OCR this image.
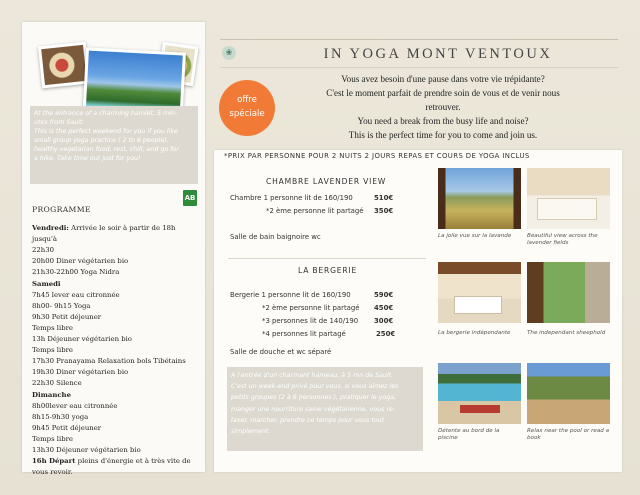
At the entrance of a charming hamlet, 5 min-

utes from Sault.

This is the perfect weekend for you if you like

small group yoga practice ( 2 to 6 people),

healthy vegetarian food, rest, chill, and go for

a hike. Take time out just for you!

AB
PROGRAMME
Vendredi: Arrivée le soir à partir de 18h jusqu'à
22h30
20h00 Diner végétarien bio
21h30-22h00 Yoga Nidra
Samedi
7h45 lever eau citronnée
8h00- 9h15 Yoga
9h30 Petit déjeuner
Temps libre
13h Déjeuner végétarien bio
Temps libre
17h30 Pranayama Relaxation bols Tibétains
19h30 Diner végétarien bio
22h30 Silence
Dimanche
8h00lever eau citronnée
8h15-9h30 yoga
9h45 Petit déjeuner
Temps libre
13h30 Déjeuner végétarien bio
16h Départ pleins d'énergie et à très vite de
vous revoir.
❀	IN YOGA MONT VENTOUX
offre
spéciale
Vous avez besoin d'une pause dans votre vie trépidante?
C'est le moment parfait de prendre soin de vous et de venir nous
retrouver.
You need a break from the busy life and noise?
This is the perfect time for you to come and join us.
*PRIX PAR PERSONNE POUR 2 NUITS 2 JOURS REPAS ET COURS DE YOGA INCLUS
CHAMBRE LAVENDER VIEW
Chambre 1 personne lit de 160/190	510€
*2 ème personne lit partagé 350€
Salle de bain baignoire wc
LA BERGERIE
Bergerie 1 personne lit de 160/190	590€
*2 ème personne lit partagé 450€
*3 personnes lit de 140/190 300€
*4 personnes lit partagé	250€
Salle de douche et wc séparé
A l'entrée d'un charmant hameau, à 5 mn de Sault.
C'est un week-end privé pour vous, si vous aimez les
petits groupes (2 à 6 personnes ), pratiquer le yoga,
manger une nourriture saine végétarienne, vous re-
laxer, marcher, prendre ce temps pour vous tout
simplement.
La jolie vue sur la lavande	Beautiful view across the
lavender fields
La bergerie indépendante	The independant sheephold
Détente au bord de la
piscine
Relax near the pool or read a
book
